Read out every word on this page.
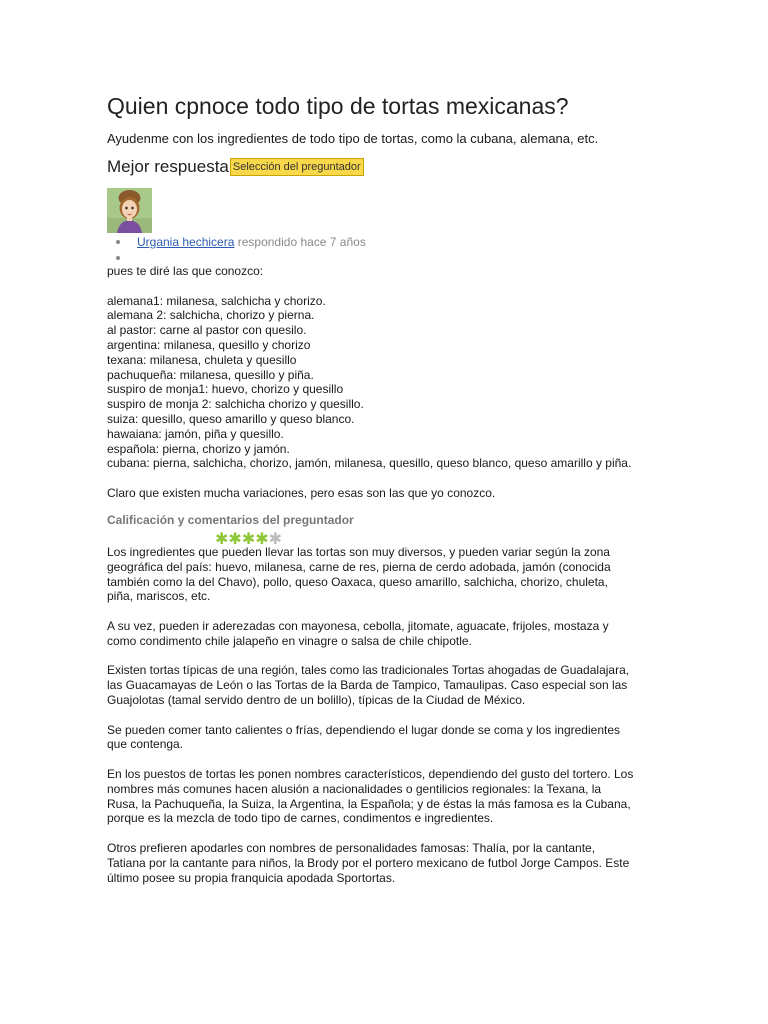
Quien cpnoce todo tipo de tortas mexicanas?

Ayudenme con los ingredientes de todo tipo de tortas, como la cubana, alemana, etc.

Mejor respuesta Selección del preguntador
Urgania hechicera respondido hace 7 años

pues te diré las que conozco:

alemana1: milanesa, salchicha y chorizo.

alemana 2: salchicha, chorizo y pierna.

al pastor: carne al pastor con quesilo.

argentina: milanesa, quesillo y chorizo

texana: milanesa, chuleta y quesillo

pachuqueña: milanesa, quesillo y piña.

suspiro de monja1: huevo, chorizo y quesillo

suspiro de monja 2: salchicha chorizo y quesillo.

suiza: quesillo, queso amarillo y queso blanco.

hawaiana: jamón, piña y quesillo.

española: pierna, chorizo y jamón.

cubana: pierna, salchicha, chorizo, jamón, milanesa, quesillo, queso blanco, queso amarillo y piña.

Claro que existen mucha variaciones, pero esas son las que yo conozco.

Calificación y comentarios del preguntador
✱✱✱✱✱

Los ingredientes que pueden llevar las tortas son muy diversos, y pueden variar según la zona
geográfica del país: huevo, milanesa, carne de res, pierna de cerdo adobada, jamón (conocida
también como la del Chavo), pollo, queso Oaxaca, queso amarillo, salchicha, chorizo, chuleta,
piña, mariscos, etc.

A su vez, pueden ir aderezadas con mayonesa, cebolla, jitomate, aguacate, frijoles, mostaza y
como condimento chile jalapeño en vinagre o salsa de chile chipotle.

Existen tortas típicas de una región, tales como las tradicionales Tortas ahogadas de Guadalajara,
las Guacamayas de León o las Tortas de la Barda de Tampico, Tamaulipas. Caso especial son las
Guajolotas (tamal servido dentro de un bolillo), típicas de la Ciudad de México.

Se pueden comer tanto calientes o frías, dependiendo el lugar donde se coma y los ingredientes
que contenga.

En los puestos de tortas les ponen nombres característicos, dependiendo del gusto del tortero. Los
nombres más comunes hacen alusión a nacionalidades o gentilicios regionales: la Texana, la
Rusa, la Pachuqueña, la Suiza, la Argentina, la Española; y de éstas la más famosa es la Cubana,
porque es la mezcla de todo tipo de carnes, condimentos e ingredientes.

Otros prefieren apodarles con nombres de personalidades famosas: Thalía, por la cantante,
Tatiana por la cantante para niños, la Brody por el portero mexicano de futbol Jorge Campos. Este
último posee su propia franquicia apodada Sportortas.
